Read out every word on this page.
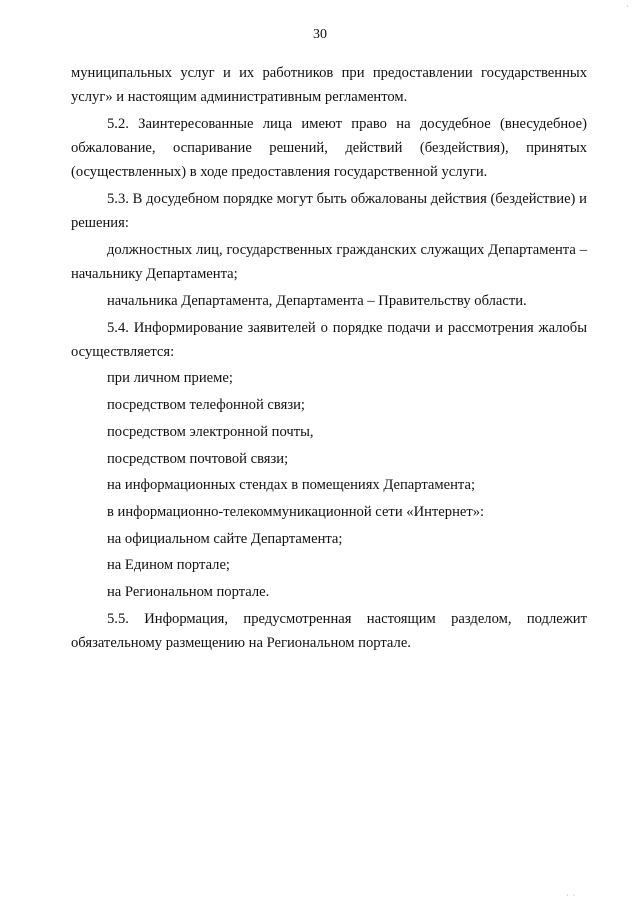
30

муниципальных услуг и их работников при предоставлении государственных услуг» и настоящим административным регламентом.

5.2. Заинтересованные лица имеют право на досудебное (внесудебное) обжалование, оспаривание решений, действий (бездействия), принятых (осуществленных) в ходе предоставления государственной услуги.

5.3. В досудебном порядке могут быть обжалованы действия (бездействие) и решения:

должностных лиц, государственных гражданских служащих Департамента – начальнику Департамента;

начальника Департамента, Департамента – Правительству области.

5.4. Информирование заявителей о порядке подачи и рассмотрения жалобы осуществляется:

при личном приеме;

посредством телефонной связи;

посредством электронной почты,

посредством почтовой связи;

на информационных стендах в помещениях Департамента;

в информационно-телекоммуникационной сети «Интернет»:

на официальном сайте Департамента;

на Едином портале;

на Региональном портале.

5.5. Информация, предусмотренная настоящим разделом, подлежит обязательному размещению на Региональном портале.

·
·  ·
